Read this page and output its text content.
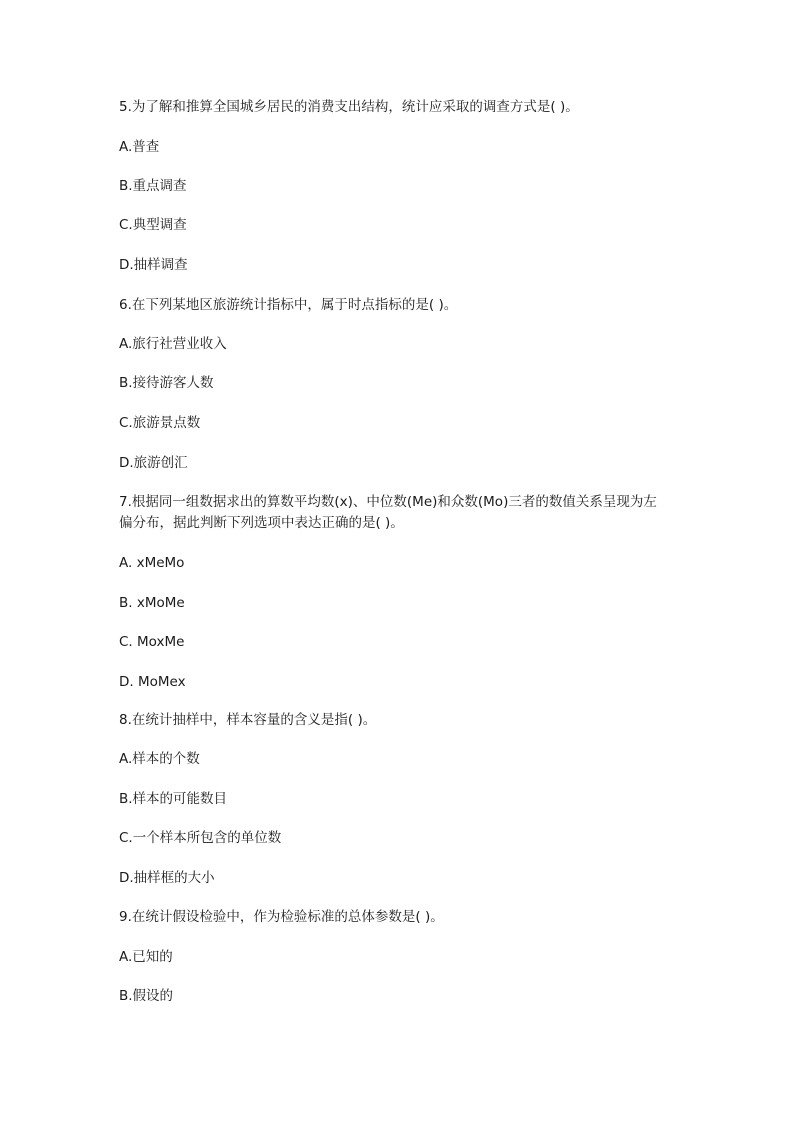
5.为了解和推算全国城乡居民的消费支出结构，统计应采取的调查方式是( )。
A.普查
B.重点调查
C.典型调查
D.抽样调查
6.在下列某地区旅游统计指标中，属于时点指标的是( )。
A.旅行社营业收入
B.接待游客人数
C.旅游景点数
D.旅游创汇
7.根据同一组数据求出的算数平均数(x)、中位数(Me)和众数(Mo)三者的数值关系呈现为左
偏分布，据此判断下列选项中表达正确的是( )。
A. xMeMo
B. xMoMe
C. MoxMe
D. MoMex
8.在统计抽样中，样本容量的含义是指( )。
A.样本的个数
B.样本的可能数目
C.一个样本所包含的单位数
D.抽样框的大小
9.在统计假设检验中，作为检验标准的总体参数是( )。
A.已知的
B.假设的
